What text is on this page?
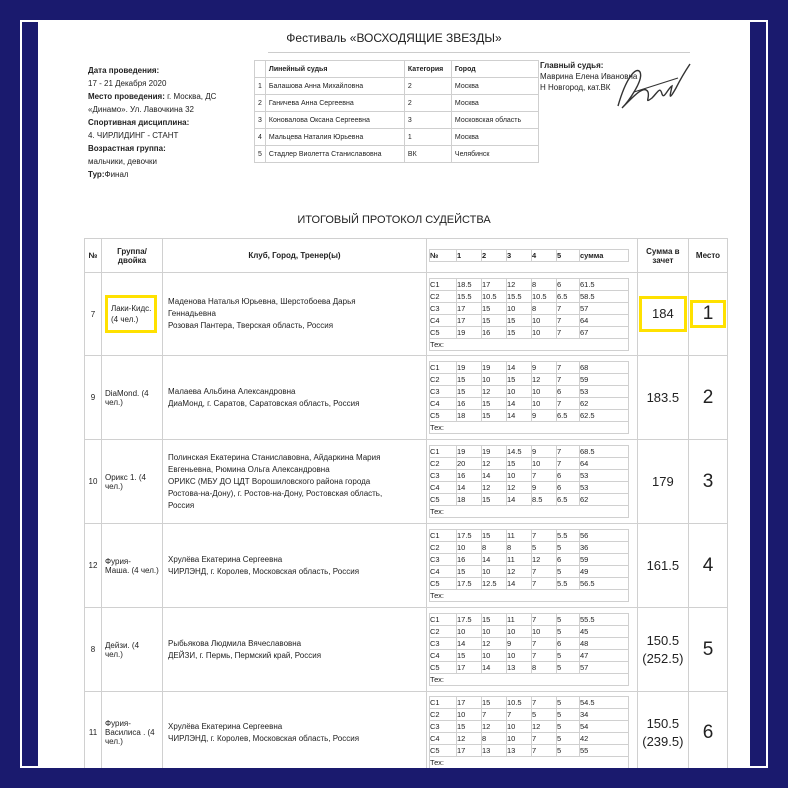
Фестиваль «ВОСХОДЯЩИЕ ЗВЕЗДЫ»
Дата проведения:
17 - 21 Декабря 2020
Место проведения: г. Москва, ДС
«Динамо». Ул. Лавочкина 32
Спортивная дисциплина:
4. ЧИРЛИДИНГ - СТАНТ
Возрастная группа:
мальчики, девочки
Тур:Финал
	Линейный судья	Категория	Город
1	Балашова Анна Михайловна	2	Москва
2	Ганичева Анна Сергеевна	2	Москва
3	Коновалова Оксана Сергеевна	3	Московская область
4	Мальцева Наталия Юрьевна	1	Москва
5	Стадлер Виолетта Станиславовна	ВК	Челябинск
Главный судья:
Маврина Елена Ивановна
Н Новгород, кат.ВК
ИТОГОВЫЙ ПРОТОКОЛ СУДЕЙСТВА
№	Группа/ двойка	Клуб, Город, Тренер(ы)		№	1	2	3	4	5	сумма
		Сумма в зачет	Место
7	Лаки-Кидс.
(4 чел.)	
Маденова Наталья Юрьевна, Шерстобоева Дарья
Геннадьевна
Розовая Пантера, Тверская область, Россия

C1	18.5	17	12	8	6	61.5
C2	15.5	10.5	15.5	10.5	6.5	58.5
C3	17	15	10	8	7	57
C4	17	15	15	10	7	64
C5	19	16	15	10	7	67
Тех:

184	1
9	DiaMond. (4
чел.)	
Малаева Альбина Александровна
ДиаМонд, г. Саратов, Саратовская область, Россия

C1	19	19	14	9	7	68
C2	15	10	15	12	7	59
C3	15	12	10	10	6	53
C4	16	15	14	10	7	62
C5	18	15	14	9	6.5	62.5
Тех:

183.5	2
10	Орикс 1. (4
чел.)	
Полинская Екатерина Станиславовна, Айдаркина Мария
Евгеньевна, Рюмина Ольга Александровна
ОРИКС (МБУ ДО ЦДТ Ворошиловского района города
Ростова-на-Дону), г. Ростов-на-Дону, Ростовская область,
Россия

C1	19	19	14.5	9	7	68.5
C2	20	12	15	10	7	64
C3	16	14	10	7	6	53
C4	14	12	12	9	6	53
C5	18	15	14	8.5	6.5	62
Тех:

179	3
12	Фурия-
Маша. (4 чел.)	
Хрулёва Екатерина Сергеевна
ЧИРЛЭНД, г. Королев, Московская область, Россия

C1	17.5	15	11	7	5.5	56
C2	10	8	8	5	5	36
C3	16	14	11	12	6	59
C4	15	10	12	7	5	49
C5	17.5	12.5	14	7	5.5	56.5
Тех:

161.5	4
8	Дейзи. (4
чел.)	
Рыбьякова Людмила Вячеславовна
ДЕЙЗИ, г. Пермь, Пермский край, Россия

C1	17.5	15	11	7	5	55.5
C2	10	10	10	10	5	45
C3	14	12	9	7	6	48
C4	15	10	10	7	5	47
C5	17	14	13	8	5	57
Тех:

150.5
(252.5)	5
11	Фурия-
Василиса . (4 чел.)	
Хрулёва Екатерина Сергеевна
ЧИРЛЭНД, г. Королев, Московская область, Россия

C1	17	15	10.5	7	5	54.5
C2	10	7	7	5	5	34
C3	15	12	10	12	5	54
C4	12	8	10	7	5	42
C5	17	13	13	7	5	55
Тех:

150.5
(239.5)	6
